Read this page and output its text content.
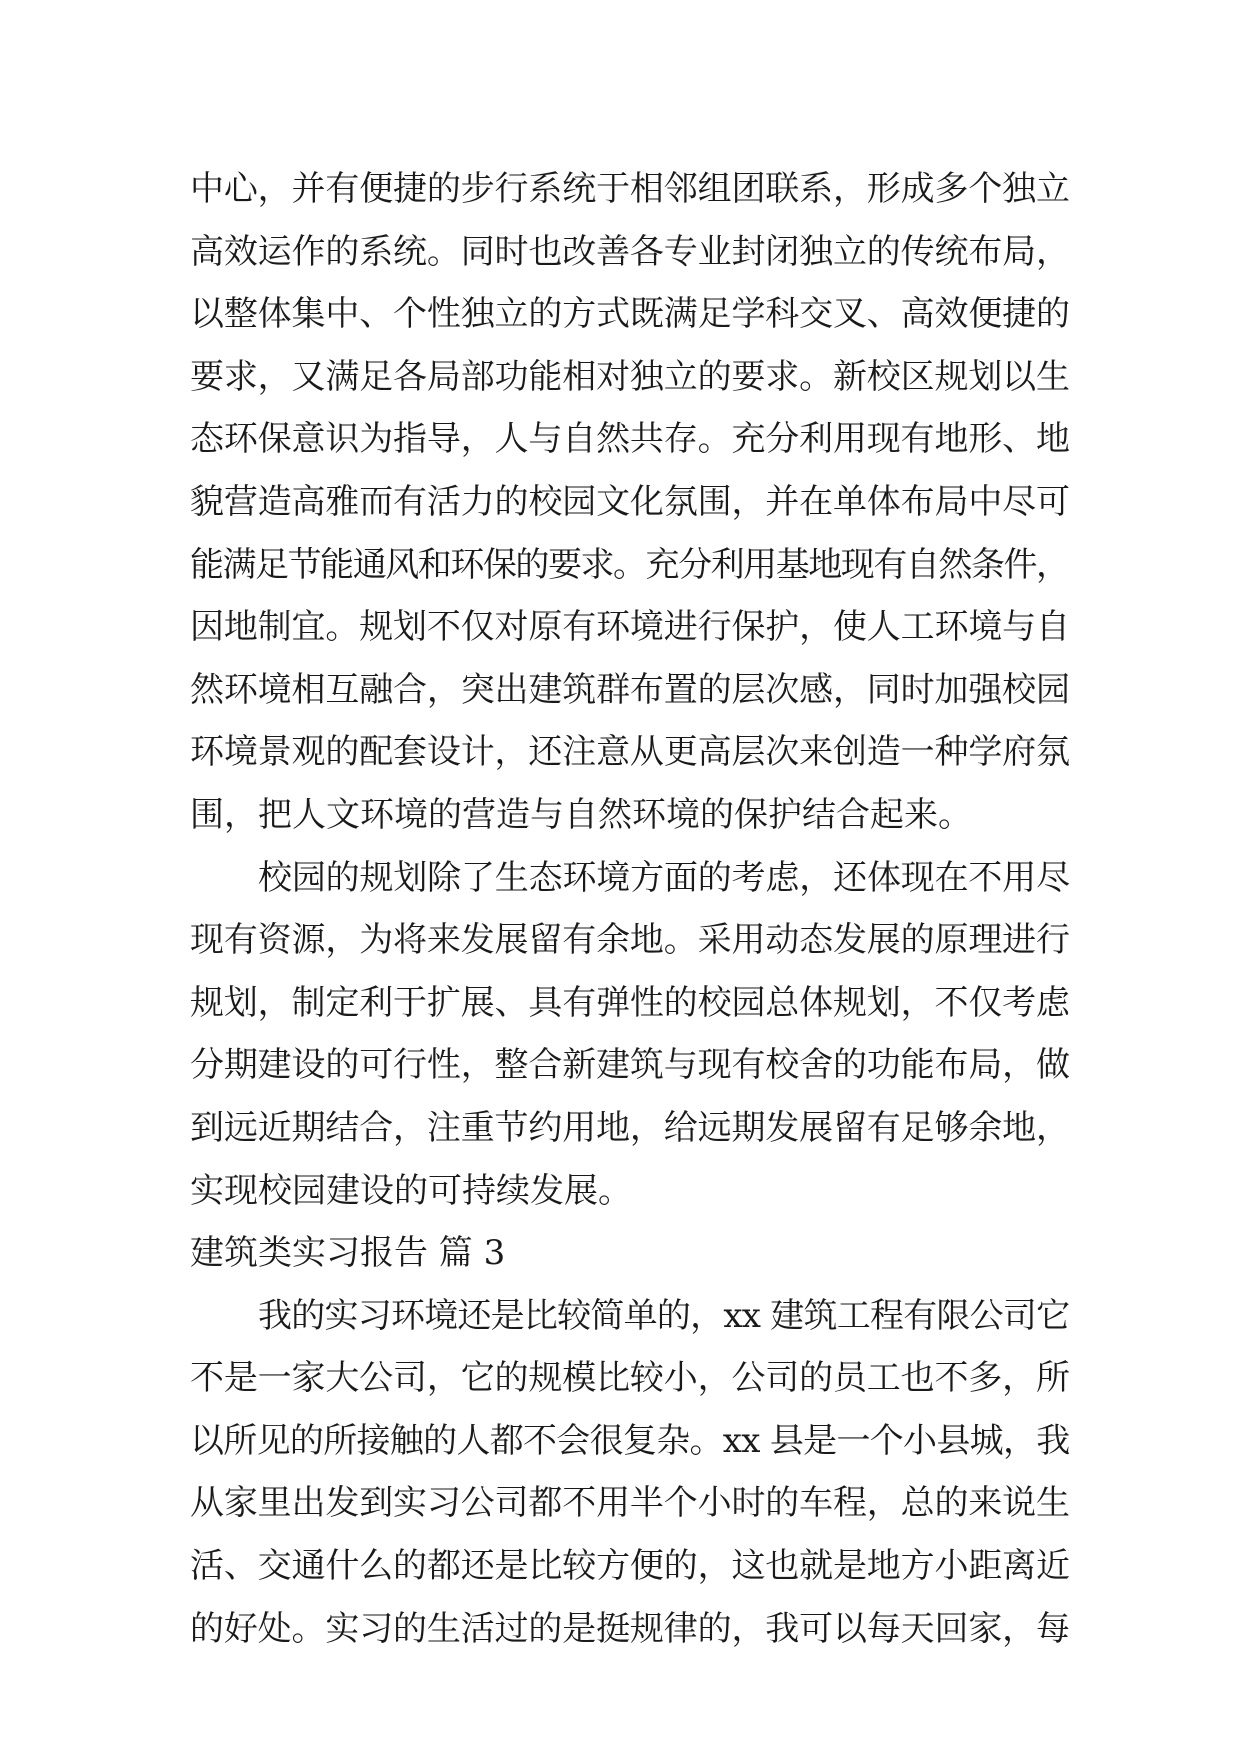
中心，并有便捷的步行系统于相邻组团联系，形成多个独立
高效运作的系统。同时也改善各专业封闭独立的传统布局，
以整体集中、个性独立的方式既满足学科交叉、高效便捷的
要求，又满足各局部功能相对独立的要求。新校区规划以生
态环保意识为指导，人与自然共存。充分利用现有地形、地
貌营造高雅而有活力的校园文化氛围，并在单体布局中尽可
能满足节能通风和环保的要求。充分利用基地现有自然条件，
因地制宜。规划不仅对原有环境进行保护，使人工环境与自
然环境相互融合，突出建筑群布置的层次感，同时加强校园
环境景观的配套设计，还注意从更高层次来创造一种学府氛
围，把人文环境的营造与自然环境的保护结合起来。
校园的规划除了生态环境方面的考虑，还体现在不用尽
现有资源，为将来发展留有余地。采用动态发展的原理进行
规划，制定利于扩展、具有弹性的校园总体规划，不仅考虑
分期建设的可行性，整合新建筑与现有校舍的功能布局，做
到远近期结合，注重节约用地，给远期发展留有足够余地，
实现校园建设的可持续发展。
建筑类实习报告 篇 3
我的实习环境还是比较简单的，xx 建筑工程有限公司它
不是一家大公司，它的规模比较小，公司的员工也不多，所
以所见的所接触的人都不会很复杂。xx 县是一个小县城，我
从家里出发到实习公司都不用半个小时的车程，总的来说生
活、交通什么的都还是比较方便的，这也就是地方小距离近
的好处。实习的生活过的是挺规律的，我可以每天回家，每
